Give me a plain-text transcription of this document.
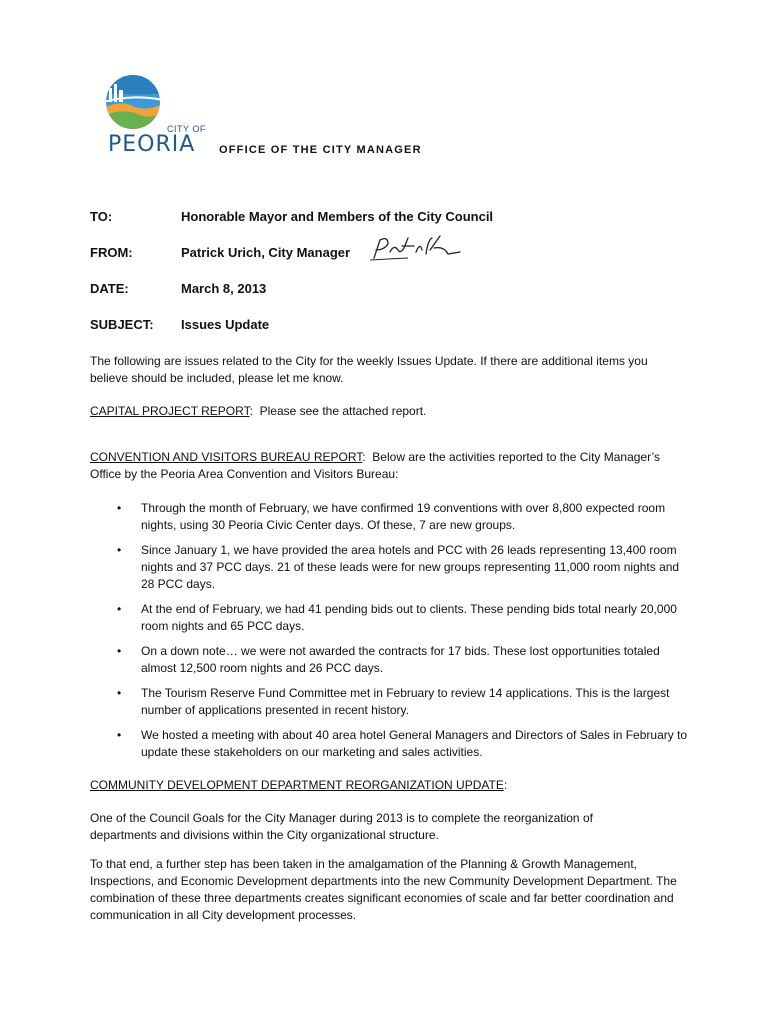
CITY OF
PEORIA OFFICE OF THE CITY MANAGER
TO:	Honorable Mayor and Members of the City Council
FROM:	Patrick Urich, City Manager
DATE:	March 8, 2013
SUBJECT: Issues Update
The following are issues related to the City for the weekly Issues Update. If there are additional items you believe should be included, please let me know.
CAPITAL PROJECT REPORT:  Please see the attached report.
CONVENTION AND VISITORS BUREAU REPORT:  Below are the activities reported to the City Manager’s Office by the Peoria Area Convention and Visitors Bureau:
• Through the month of February, we have confirmed 19 conventions with over 8,800 expected room nights, using 30 Peoria Civic Center days. Of these, 7 are new groups.
• Since January 1, we have provided the area hotels and PCC with 26 leads representing 13,400 room nights and 37 PCC days. 21 of these leads were for new groups representing 11,000 room nights and 28 PCC days.
• At the end of February, we had 41 pending bids out to clients. These pending bids total nearly 20,000 room nights and 65 PCC days.
• On a down note… we were not awarded the contracts for 17 bids. These lost opportunities totaled almost 12,500 room nights and 26 PCC days.
• The Tourism Reserve Fund Committee met in February to review 14 applications. This is the largest number of applications presented in recent history.
• We hosted a meeting with about 40 area hotel General Managers and Directors of Sales in February to update these stakeholders on our marketing and sales activities.
COMMUNITY DEVELOPMENT DEPARTMENT REORGANIZATION UPDATE:
One of the Council Goals for the City Manager during 2013 is to complete the reorganization of departments and divisions within the City organizational structure.
To that end, a further step has been taken in the amalgamation of the Planning & Growth Management, Inspections, and Economic Development departments into the new Community Development Department. The combination of these three departments creates significant economies of scale and far better coordination and communication in all City development processes.
